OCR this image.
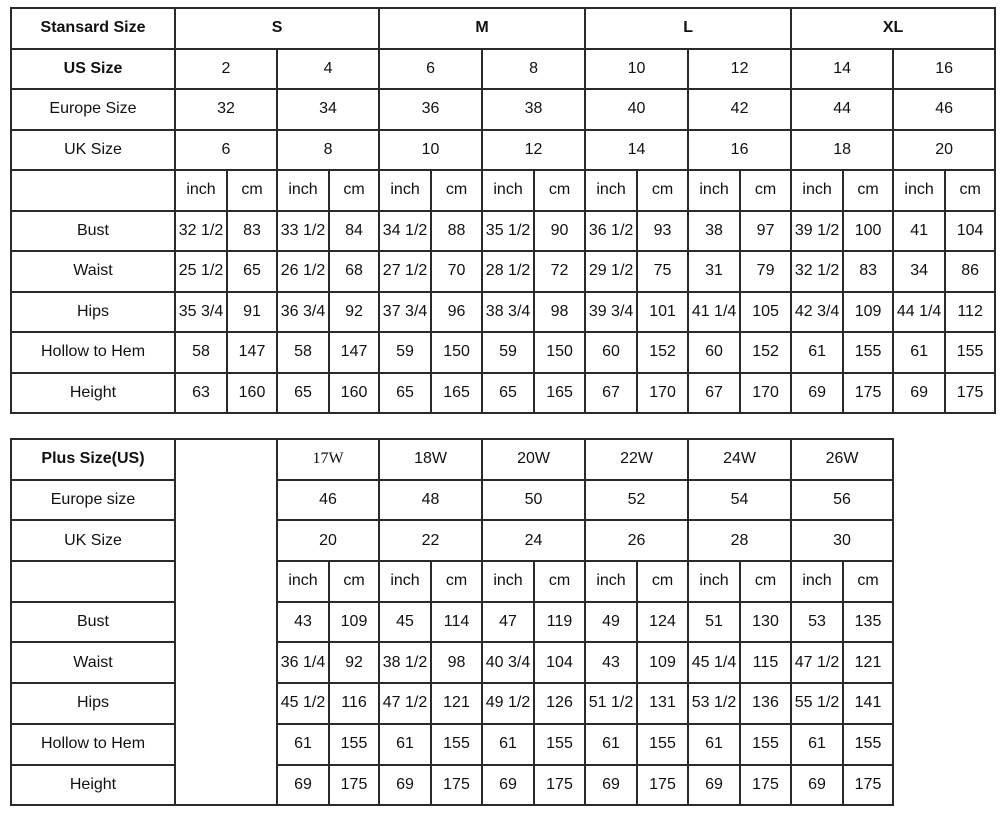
Stansard Size	S				M				L				XL			
US Size	2		4		6		8		10		12		14		16	
Europe Size	32		34		36		38		40		42		44		46	
UK Size	6		8		10		12		14		16		18		20	
	inch	cm	inch	cm	inch	cm	inch	cm	inch	cm	inch	cm	inch	cm	inch	cm
Bust	32 1/2	83	33 1/2	84	34 1/2	88	35 1/2	90	36 1/2	93	38	97	39 1/2	100	41	104
Waist	25 1/2	65	26 1/2	68	27 1/2	70	28 1/2	72	29 1/2	75	31	79	32 1/2	83	34	86
Hips	35 3/4	91	36 3/4	92	37 3/4	96	38 3/4	98	39 3/4	101	41 1/4	105	42 3/4	109	44 1/4	112
Hollow to Hem	58	147	58	147	59	150	59	150	60	152	60	152	61	155	61	155
Height	63	160	65	160	65	165	65	165	67	170	67	170	69	175	69	175
Plus Size(US)		17W		18W		20W		22W		24W		26W		
Europe size		46		48		50		52		54		56		
UK Size		20		22		24		26		28		30		
		inch	cm	inch	cm	inch	cm	inch	cm	inch	cm	inch	cm	
Bust		43	109	45	114	47	119	49	124	51	130	53	135	
Waist		36 1/4	92	38 1/2	98	40 3/4	104	43	109	45 1/4	115	47 1/2	121	
Hips		45 1/2	116	47 1/2	121	49 1/2	126	51 1/2	131	53 1/2	136	55 1/2	141	
Hollow to Hem		61	155	61	155	61	155	61	155	61	155	61	155	
Height		69	175	69	175	69	175	69	175	69	175	69	175	
